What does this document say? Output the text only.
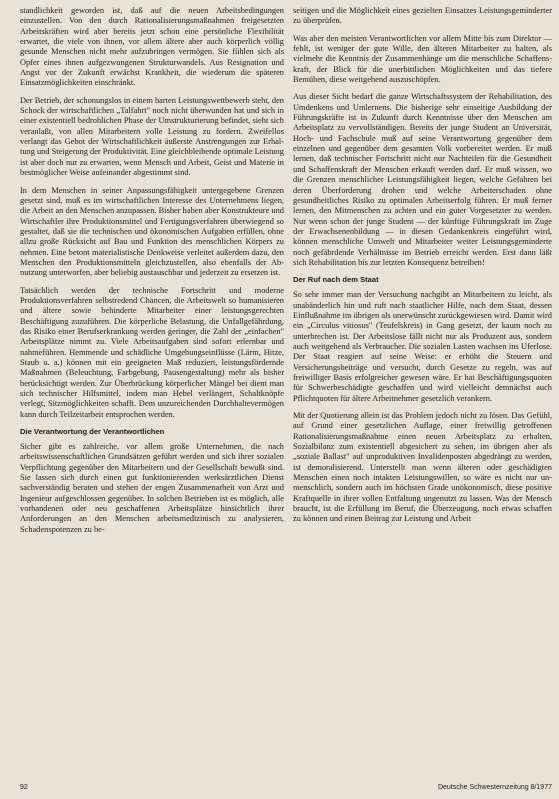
standlichkeit geworden ist, daß auf die neuen Arbeitsbedingungen einzustellen. Von den durch Rationalisierungsmaßnahmen freigesetzten Arbeitskräften wird aber bereits jetzt schon eine persönliche Flexibilität erwartet, die viele von ihnen, vor allem ältere aber auch körperlich völlig gesunde Menschen nicht mehr aufzubringen vermögen. Sie fühlen sich als Opfer eines ihnen aufgezwungenen Strukturwandels. Aus Resignation und Angst vor der Zukunft erwächst Krankheit, die wiederum die späteren Einsatzmöglichkeiten einschränkt.

Der Betrieb, der schonungslos in einem harten Leistungswettbewerb steht, den Schock der wirtschaftlichen „Talfahrt" noch nicht überwunden hat und sich in einer existentiell bedrohlichen Phase der Umstrukturierung befindet, sieht sich veranlaßt, von allen Mitarbeitern volle Leistung zu fordern. Zweifellos verlangt das Gebot der Wirtschaftlichkeit äußerste Anstrengungen zur Erhaltung und Steigerung der Produktivität. Eine gleichbleibende optimale Leistung ist aber doch nur zu erwarten, wenn Mensch und Arbeit, Geist und Materie in bestmöglicher Weise aufeinander abgestimmt sind.

In dem Menschen in seiner Anpassungsfähigkeit untergegebene Grenzen gesetzt sind, muß es im wirtschaftlichen Interesse des Unternehmens liegen, die Arbeit an den Menschen anzupassen. Bisher haben aber Konstrukteure und Wirtschaftler ihre Produktionsmittel und Fertigungsverfahren überwiegend so gestaltet, daß sie die technischen und ökonomischen Aufgaben erfüllen, ohne allzu große Rücksicht auf Bau und Funktion des menschlichen Körpers zu nehmen. Eine betont materialistische Denkweise verleitet außerdem dazu, den Menschen den Produktionsmitteln gleichzustellen, also ebenfalls der Abnutzung unterworfen, aber beliebig austauschbar und jederzeit zu ersetzen ist.

Tatsächlich werden der technische Fortschritt und moderne Produktionsverfahren selbstredend Chancen, die Arbeitswelt so humanisieren und ältere sowie behinderte Mitarbeiter einer leistungsgerechten Beschäftigung zuzuführen. Die körperliche Belastung, die Unfallgefährdung, das Risiko einer Berufserkrankung werden geringer, die Zahl der „einfachen" Arbeitsplätze nimmt zu. Viele Arbeitsaufgaben sind sofort erlernbar und nahmeführen. Hemmende und schädliche Umgebungseinflüsse (Lärm, Hitze, Staub u. a.) können mit ein geeigneten Maß reduziert, leistungsfördernde Maßnahmen (Beleuchtung, Farbgebung, Pausengestaltung) mehr als bisher berücksichtigt werden. Zur Überbrückung körperlicher Mängel bei dient man sich technischer Hilfsmittel, indem man Hebel verlängert, Schaltknöpfe verlegt, Sitzmöglichkeiten schafft. Dem unzureichenden Durchhaltevermögen kann durch Teilzeitarbeit entsprochen werden.

Die Verantwortung der Verantwortlichen

Sicher gibt es zahlreiche, vor allem große Unternehmen, die nach arbeitswissenschaftlichen Grundsätzen geführt werden und sich ihrer sozialen Verpflichtung gegenüber den Mitarbeitern und der Gesellschaft bewußt sind. Sie lassen sich durch einen gut funktionierenden werksärztlichen Dienst sachverständig beraten und stehen der engen Zusammenarbeit von Arzt und Ingenieur aufgeschlossen gegenüber. In solchen Betrieben ist es möglich, alle vorhandenen oder neu geschaffenen Arbeitsplätze hinsichtlich ihrer Anforderungen an den Menschen arbeitsmedizinisch zu analysieren, Schadenspotenzen zu be-

seitigen und die Möglichkeit eines gezielten Einsatzes Leistungsgeminderter zu überprüfen.

Was aber den meisten Verantwortlichen vor allem Mitte bis zum Direktor — fehlt, ist weniger der gute Wille, den älteren Mitarbeiter zu halten, als vielmehr die Kenntnis der Zusammenhänge um die menschliche Schaffenskraft, der Blick für die unerbittlichen Möglichkeiten und das tiefere Bemühen, diese weitgehend auszuschöpfen.

Aus dieser Sicht bedarf die ganze Wirtschaftssystem der Rehabilitation, des Umdenkens und Umlernens. Die bisherige sehr einseitige Ausbildung der Führungskräfte ist in Zukunft durch Kenntnisse über den Menschen am Arbeitsplatz zu vervollständigen. Bereits der junge Student an Universität, Hoch- und Fachschule muß auf seine Verantwortung gegenüber dem einzelnen und gegenüber dem gesamten Volk vorbereitet werden. Er muß lernen, daß technischer Fortschritt nicht nur Nachteilen für die Gesundheit und Schaffenskraft der Menschen erkauft werden darf. Er muß wissen, wo die Grenzen menschlicher Leistungsfähigkeit liegen, welche Gefahren bei deren Überforderung drohen und welche Arbeiterschaden ohne gesundheitliches Risiko zu optimalen Arbeitserfolg führen. Er muß ferner lernen, den Mitmenschen zu achten und ein guter Vorgesetzter zu werden. Nur wenn schon der junge Student — der künftige Führungskraft im Zuge der Erwachsenenbildung — in diesen Gedankenkreis eingeführt wird, können menschliche Umwelt und Mitarbeiter weiter Leistungsgeminderte noch gefährdende Verhältnisse im Betrieb erreicht werden. Erst dann läßt sich Rehabilitation bis zur letzten Konsequenz betreiben!

Der Ruf nach dem Staat

So sehr immer man der Versuchung nachgibt an Mitarbeitern zu leicht, als unabänderlich hin und ruft nach staatlicher Hilfe, nach dem Staat, dessen Einflußnahme im übrigen als unerwünscht zurückgewiesen wird. Damit wird ein „Circulus vitiosus" (Teufelskreis) in Gang gesetzt, der kaum noch zu unterbrechen ist. Der Arbeitslose fällt nicht nur als Produzent aus, sondern auch weitgehend als Verbraucher. Die sozialen Lasten wachsen ins Uferlose. Der Staat reagiert auf seine Weise: er erhöht die Steuern und Versicherungsbeiträge und versucht, durch Gesetze zu regeln, was auf freiwilliger Basis erfolgreicher gewesen wäre. Er hat Beschäftigungsquoten für Schwerbeschädigte geschaffen und wird vielleicht demnächst auch Pflichtquoten für ältere Arbeitnehmer gesetzlich verankern.

Mit der Quotierung allein ist das Problem jedoch nicht zu lösen. Das Gefühl, auf Grund einer gesetzlichen Auflage, einer freiwillig getroffenen Rationalisierungsmaßnahme einen neuen Arbeitsplatz zu erhalten, Sozialbilanz zum existentiell abgesichert zu sehen, im übrigen aber als „soziale Ballast" auf unproduktiven Invalidenposten abgedrängt zu werden, ist demoralisierend. Unterstellt man wenn älteren oder geschädigten Menschen einen noch intakten Leistungswillen, so wäre es nicht nur unmenschlich, sondern auch im höchsten Grade unökonomisch, diese positive Kraftquelle in ihrer vollen Entfaltung ungenutzt zu lassen. Was der Mensch braucht, ist die Erfüllung im Beruf, die Überzeugung, noch etwas schaffen zu können und einen Beitrag zur Leistung und Arbeit

92	Deutsche Schwesternzeitung 8/1977
